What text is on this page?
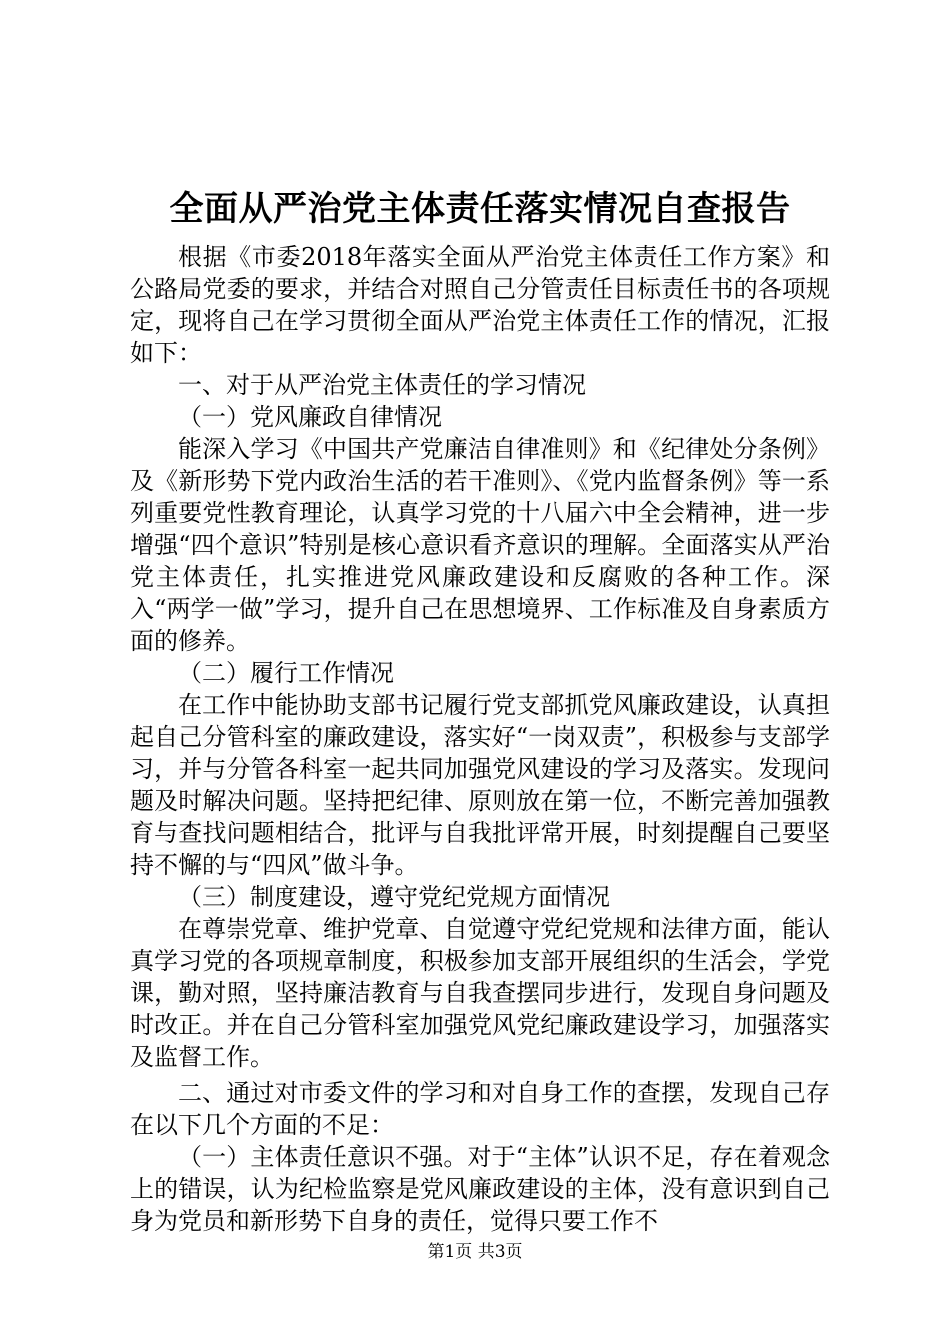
全面从严治党主体责任落实情况自查报告

根据《市委2018年落实全面从严治党主体责任工作方案》和公路局党委的要求，并结合对照自己分管责任目标责任书的各项规定，现将自己在学习贯彻全面从严治党主体责任工作的情况，汇报如下：

一、对于从严治党主体责任的学习情况

（一）党风廉政自律情况

能深入学习《中国共产党廉洁自律准则》和《纪律处分条例》及《新形势下党内政治生活的若干准则》、《党内监督条例》等一系列重要党性教育理论，认真学习党的十八届六中全会精神，进一步增强“四个意识”特别是核心意识看齐意识的理解。全面落实从严治党主体责任，扎实推进党风廉政建设和反腐败的各种工作。深入“两学一做”学习，提升自己在思想境界、工作标准及自身素质方面的修养。

（二）履行工作情况

在工作中能协助支部书记履行党支部抓党风廉政建设，认真担起自己分管科室的廉政建设，落实好“一岗双责”，积极参与支部学习，并与分管各科室一起共同加强党风建设的学习及落实。发现问题及时解决问题。坚持把纪律、原则放在第一位，不断完善加强教育与查找问题相结合，批评与自我批评常开展，时刻提醒自己要坚持不懈的与“四风”做斗争。

（三）制度建设，遵守党纪党规方面情况

在尊崇党章、维护党章、自觉遵守党纪党规和法律方面，能认真学习党的各项规章制度，积极参加支部开展组织的生活会，学党课，勤对照，坚持廉洁教育与自我查摆同步进行，发现自身问题及时改正。并在自己分管科室加强党风党纪廉政建设学习，加强落实及监督工作。

二、通过对市委文件的学习和对自身工作的查摆，发现自己存在以下几个方面的不足：

（一）主体责任意识不强。对于“主体”认识不足，存在着观念上的错误，认为纪检监察是党风廉政建设的主体，没有意识到自己身为党员和新形势下自身的责任，觉得只要工作不

第1页 共3页
